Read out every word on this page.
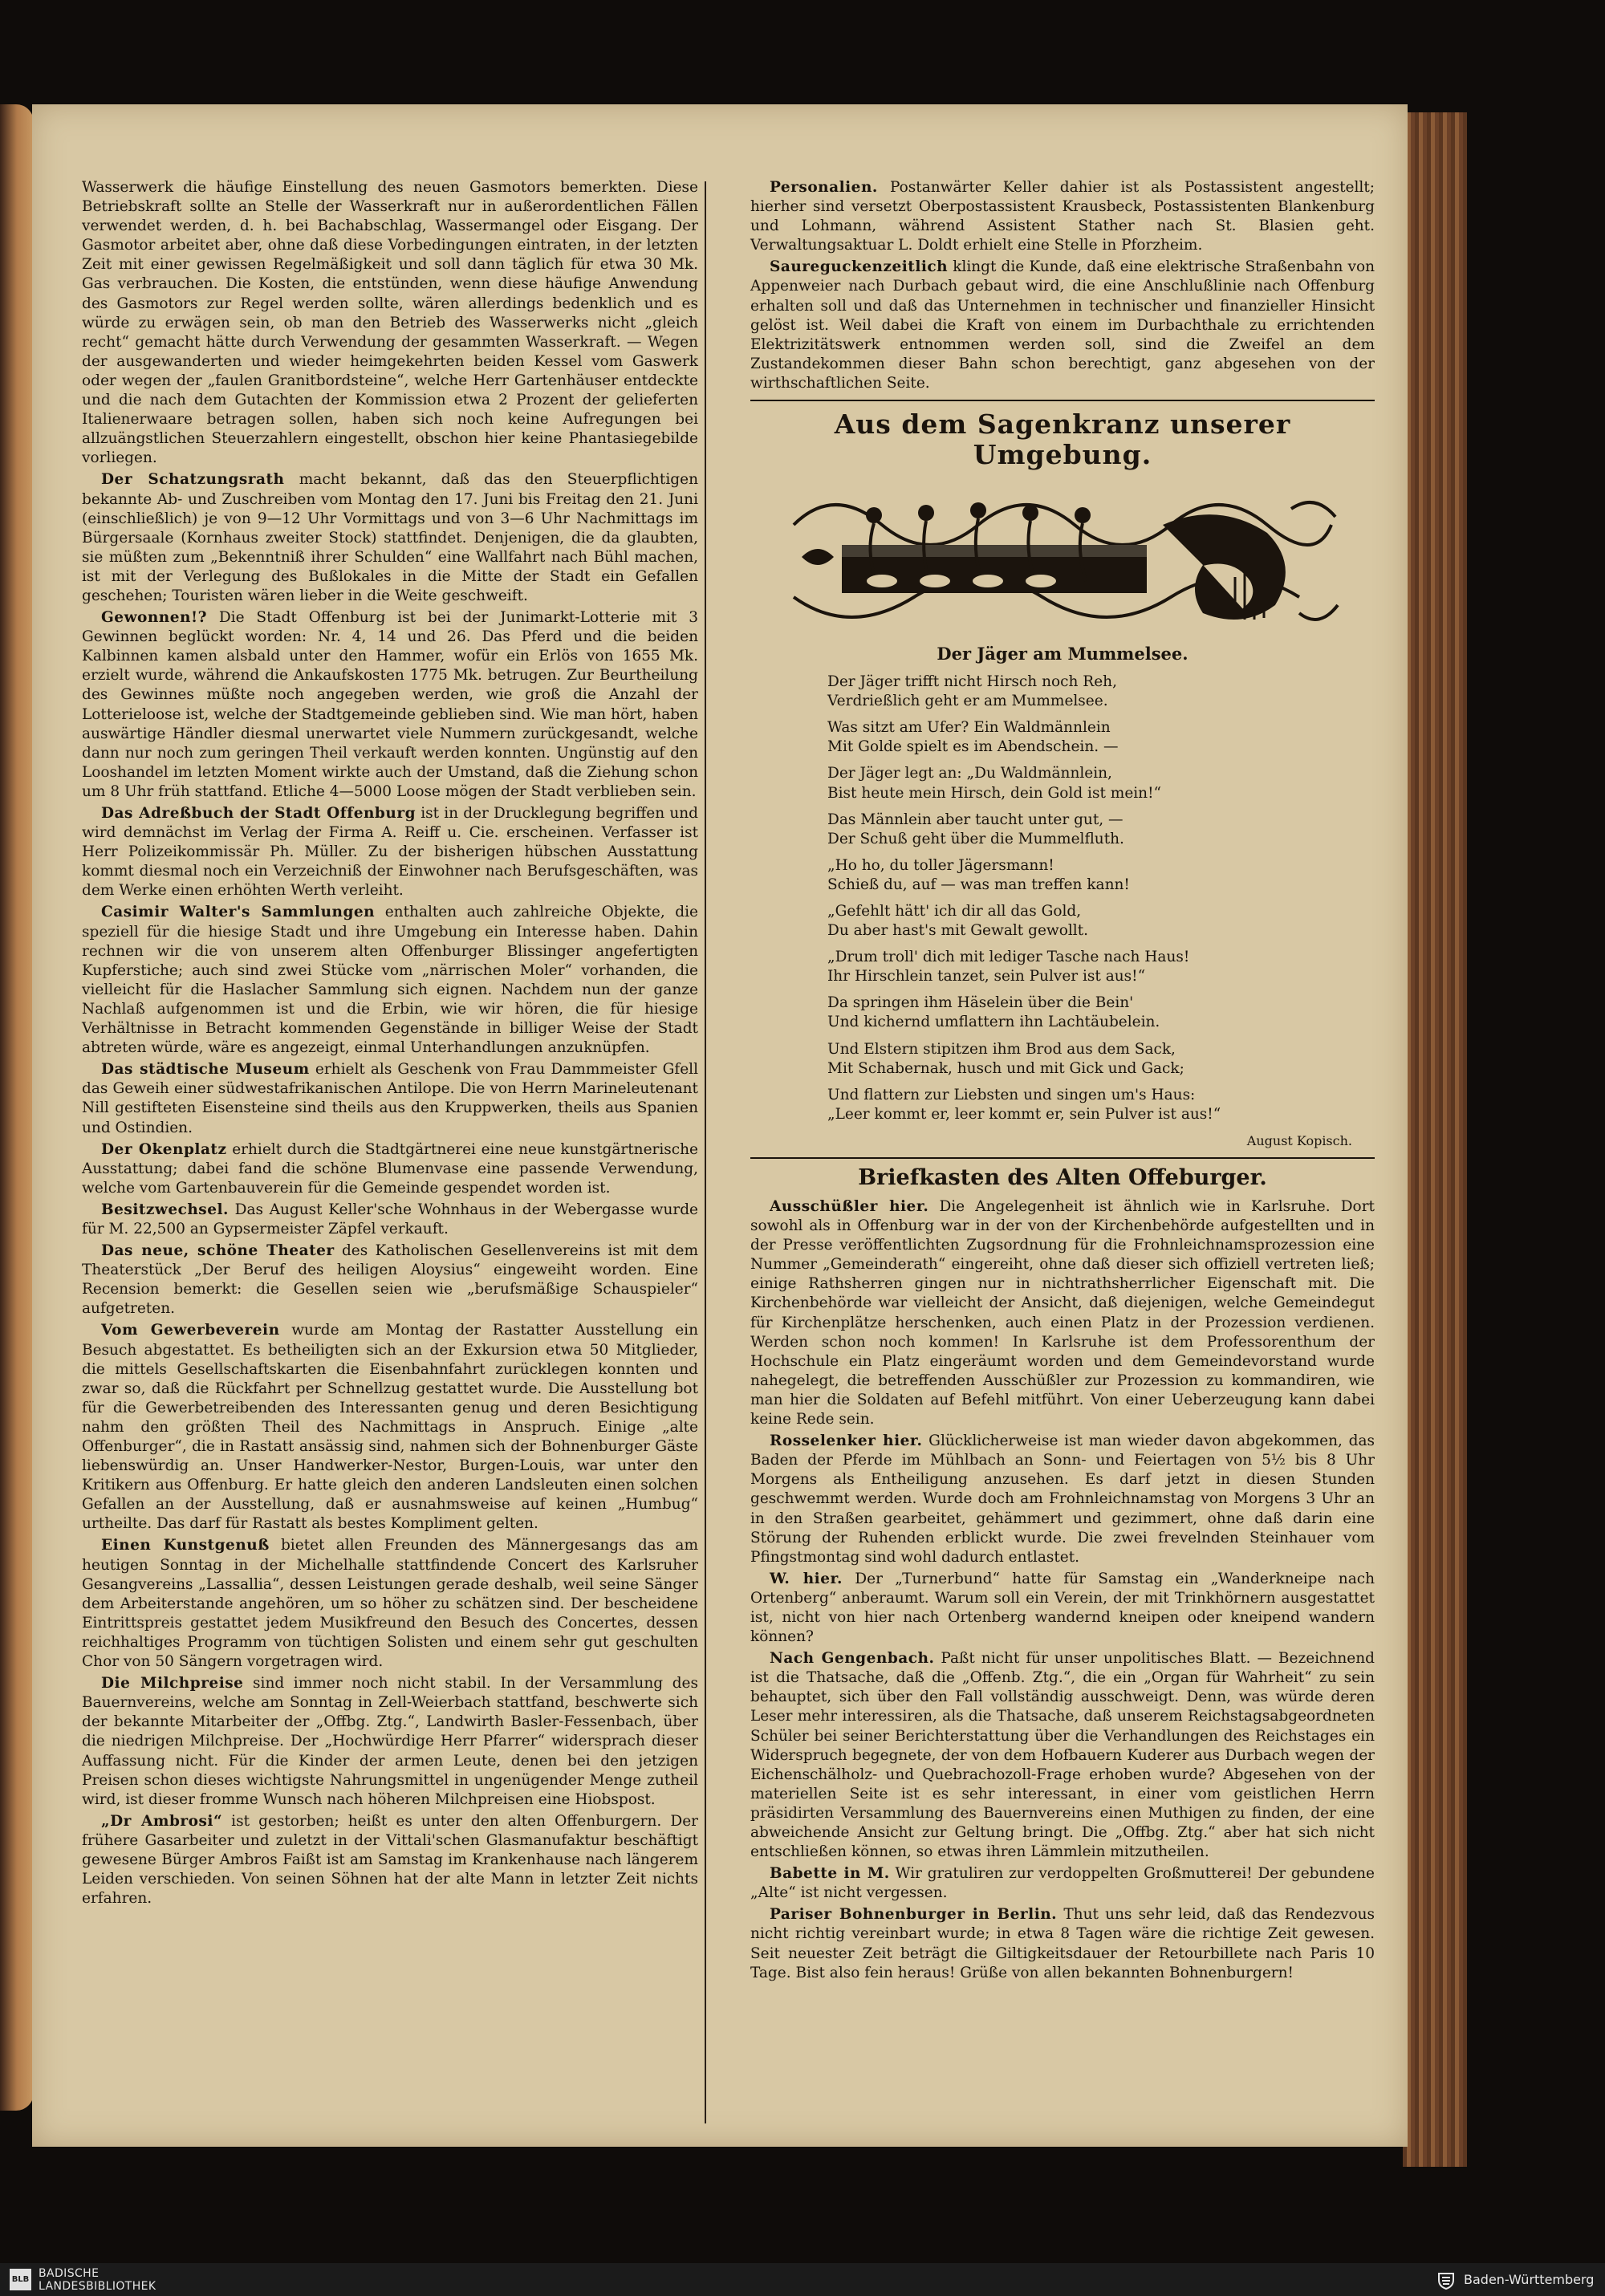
Wasserwerk die häufige Einstellung des neuen Gasmotors bemerkten. Diese Betriebskraft sollte an Stelle der Wasserkraft nur in außerordentlichen Fällen verwendet werden, d. h. bei Bachabschlag, Wassermangel oder Eisgang. Der Gasmotor arbeitet aber, ohne daß diese Vorbedingungen eintraten, in der letzten Zeit mit einer gewissen Regelmäßigkeit und soll dann täglich für etwa 30 Mk. Gas verbrauchen. Die Kosten, die entstünden, wenn diese häufige Anwendung des Gasmotors zur Regel werden sollte, wären allerdings bedenklich und es würde zu erwägen sein, ob man den Betrieb des Wasserwerks nicht „gleich recht“ gemacht hätte durch Verwendung der gesammten Wasserkraft. — Wegen der ausgewanderten und wieder heimgekehrten beiden Kessel vom Gaswerk oder wegen der „faulen Granitbordsteine“, welche Herr Gartenhäuser entdeckte und die nach dem Gutachten der Kommission etwa 2 Prozent der gelieferten Italienerwaare betragen sollen, haben sich noch keine Aufregungen bei allzuängstlichen Steuerzahlern eingestellt, obschon hier keine Phantasiegebilde vorliegen.

Der Schatzungsrath macht bekannt, daß das den Steuerpflichtigen bekannte Ab- und Zuschreiben vom Montag den 17. Juni bis Freitag den 21. Juni (einschließlich) je von 9—12 Uhr Vormittags und von 3—6 Uhr Nachmittags im Bürgersaale (Kornhaus zweiter Stock) stattfindet. Denjenigen, die da glaubten, sie müßten zum „Bekenntniß ihrer Schulden“ eine Wallfahrt nach Bühl machen, ist mit der Verlegung des Bußlokales in die Mitte der Stadt ein Gefallen geschehen; Touristen wären lieber in die Weite geschweift.

Gewonnen!? Die Stadt Offenburg ist bei der Junimarkt-Lotterie mit 3 Gewinnen beglückt worden: Nr. 4, 14 und 26. Das Pferd und die beiden Kalbinnen kamen alsbald unter den Hammer, wofür ein Erlös von 1655 Mk. erzielt wurde, während die Ankaufskosten 1775 Mk. betrugen. Zur Beurtheilung des Gewinnes müßte noch angegeben werden, wie groß die Anzahl der Lotterieloose ist, welche der Stadtgemeinde geblieben sind. Wie man hört, haben auswärtige Händler diesmal unerwartet viele Nummern zurückgesandt, welche dann nur noch zum geringen Theil verkauft werden konnten. Ungünstig auf den Looshandel im letzten Moment wirkte auch der Umstand, daß die Ziehung schon um 8 Uhr früh stattfand. Etliche 4—5000 Loose mögen der Stadt verblieben sein.

Das Adreßbuch der Stadt Offenburg ist in der Drucklegung begriffen und wird demnächst im Verlag der Firma A. Reiff u. Cie. erscheinen. Verfasser ist Herr Polizeikommissär Ph. Müller. Zu der bisherigen hübschen Ausstattung kommt diesmal noch ein Verzeichniß der Einwohner nach Berufsgeschäften, was dem Werke einen erhöhten Werth verleiht.

Casimir Walter's Sammlungen enthalten auch zahlreiche Objekte, die speziell für die hiesige Stadt und ihre Umgebung ein Interesse haben. Dahin rechnen wir die von unserem alten Offenburger Blissinger angefertigten Kupferstiche; auch sind zwei Stücke vom „närrischen Moler“ vorhanden, die vielleicht für die Haslacher Sammlung sich eignen. Nachdem nun der ganze Nachlaß aufgenommen ist und die Erbin, wie wir hören, die für hiesige Verhältnisse in Betracht kommenden Gegenstände in billiger Weise der Stadt abtreten würde, wäre es angezeigt, einmal Unterhandlungen anzuknüpfen.

Das städtische Museum erhielt als Geschenk von Frau Dammmeister Gfell das Geweih einer südwestafrikanischen Antilope. Die von Herrn Marineleutenant Nill gestifteten Eisensteine sind theils aus den Kruppwerken, theils aus Spanien und Ostindien.

Der Okenplatz erhielt durch die Stadtgärtnerei eine neue kunstgärtnerische Ausstattung; dabei fand die schöne Blumenvase eine passende Verwendung, welche vom Gartenbauverein für die Gemeinde gespendet worden ist.

Besitzwechsel. Das August Keller'sche Wohnhaus in der Webergasse wurde für M. 22,500 an Gypsermeister Zäpfel verkauft.

Das neue, schöne Theater des Katholischen Gesellenvereins ist mit dem Theaterstück „Der Beruf des heiligen Aloysius“ eingeweiht worden. Eine Recension bemerkt: die Gesellen seien wie „berufsmäßige Schauspieler“ aufgetreten.

Vom Gewerbeverein wurde am Montag der Rastatter Ausstellung ein Besuch abgestattet. Es betheiligten sich an der Exkursion etwa 50 Mitglieder, die mittels Gesellschaftskarten die Eisenbahnfahrt zurücklegen konnten und zwar so, daß die Rückfahrt per Schnellzug gestattet wurde. Die Ausstellung bot für die Gewerbetreibenden des Interessanten genug und deren Besichtigung nahm den größten Theil des Nachmittags in Anspruch. Einige „alte Offenburger“, die in Rastatt ansässig sind, nahmen sich der Bohnenburger Gäste liebenswürdig an. Unser Handwerker-Nestor, Burgen-Louis, war unter den Kritikern aus Offenburg. Er hatte gleich den anderen Landsleuten einen solchen Gefallen an der Ausstellung, daß er ausnahmsweise auf keinen „Humbug“ urtheilte. Das darf für Rastatt als bestes Kompliment gelten.

Einen Kunstgenuß bietet allen Freunden des Männergesangs das am heutigen Sonntag in der Michelhalle stattfindende Concert des Karlsruher Gesangvereins „Lassallia“, dessen Leistungen gerade deshalb, weil seine Sänger dem Arbeiterstande angehören, um so höher zu schätzen sind. Der bescheidene Eintrittspreis gestattet jedem Musikfreund den Besuch des Concertes, dessen reichhaltiges Programm von tüchtigen Solisten und einem sehr gut geschulten Chor von 50 Sängern vorgetragen wird.

Die Milchpreise sind immer noch nicht stabil. In der Versammlung des Bauernvereins, welche am Sonntag in Zell-Weierbach stattfand, beschwerte sich der bekannte Mitarbeiter der „Offbg. Ztg.“, Landwirth Basler-Fessenbach, über die niedrigen Milchpreise. Der „Hochwürdige Herr Pfarrer“ widersprach dieser Auffassung nicht. Für die Kinder der armen Leute, denen bei den jetzigen Preisen schon dieses wichtigste Nahrungsmittel in ungenügender Menge zutheil wird, ist dieser fromme Wunsch nach höheren Milchpreisen eine Hiobspost.

„Dr Ambrosi“ ist gestorben; heißt es unter den alten Offenburgern. Der frühere Gasarbeiter und zuletzt in der Vittali'schen Glasmanufaktur beschäftigt gewesene Bürger Ambros Faißt ist am Samstag im Krankenhause nach längerem Leiden verschieden. Von seinen Söhnen hat der alte Mann in letzter Zeit nichts erfahren.

Personalien. Postanwärter Keller dahier ist als Postassistent angestellt; hierher sind versetzt Oberpostassistent Krausbeck, Postassistenten Blankenburg und Lohmann, während Assistent Stather nach St. Blasien geht. Verwaltungsaktuar L. Doldt erhielt eine Stelle in Pforzheim.

Saureguckenzeitlich klingt die Kunde, daß eine elektrische Straßenbahn von Appenweier nach Durbach gebaut wird, die eine Anschlußlinie nach Offenburg erhalten soll und daß das Unternehmen in technischer und finanzieller Hinsicht gelöst ist. Weil dabei die Kraft von einem im Durbachthale zu errichtenden Elektrizitätswerk entnommen werden soll, sind die Zweifel an dem Zustandekommen dieser Bahn schon berechtigt, ganz abgesehen von der wirthschaftlichen Seite.

Aus dem Sagenkranz unserer Umgebung.
Der Jäger am Mummelsee.
Der Jäger trifft nicht Hirsch noch Reh,
Verdrießlich geht er am Mummelsee.
Was sitzt am Ufer? Ein Waldmännlein
Mit Golde spielt es im Abendschein. —
Der Jäger legt an: „Du Waldmännlein,
Bist heute mein Hirsch, dein Gold ist mein!“
Das Männlein aber taucht unter gut, —
Der Schuß geht über die Mummelfluth.
„Ho ho, du toller Jägersmann!
Schieß du, auf — was man treffen kann!
„Gefehlt hätt' ich dir all das Gold,
Du aber hast's mit Gewalt gewollt.
„Drum troll' dich mit lediger Tasche nach Haus!
Ihr Hirschlein tanzet, sein Pulver ist aus!“
Da springen ihm Häselein über die Bein'
Und kichernd umflattern ihn Lachtäubelein.
Und Elstern stipitzen ihm Brod aus dem Sack,
Mit Schabernak, husch und mit Gick und Gack;
Und flattern zur Liebsten und singen um's Haus:
„Leer kommt er, leer kommt er, sein Pulver ist aus!“
August Kopisch.
Briefkasten des Alten Offeburger.

Ausschüßler hier. Die Angelegenheit ist ähnlich wie in Karlsruhe. Dort sowohl als in Offenburg war in der von der Kirchenbehörde aufgestellten und in der Presse veröffentlichten Zugsordnung für die Frohnleichnamsprozession eine Nummer „Gemeinderath“ eingereiht, ohne daß dieser sich offiziell vertreten ließ; einige Rathsherren gingen nur in nichtrathsherrlicher Eigenschaft mit. Die Kirchenbehörde war vielleicht der Ansicht, daß diejenigen, welche Gemeindegut für Kirchenplätze herschenken, auch einen Platz in der Prozession verdienen. Werden schon noch kommen! In Karlsruhe ist dem Professorenthum der Hochschule ein Platz eingeräumt worden und dem Gemeindevorstand wurde nahegelegt, die betreffenden Ausschüßler zur Prozession zu kommandiren, wie man hier die Soldaten auf Befehl mitführt. Von einer Ueberzeugung kann dabei keine Rede sein.

Rosselenker hier. Glücklicherweise ist man wieder davon abgekommen, das Baden der Pferde im Mühlbach an Sonn- und Feiertagen von 5½ bis 8 Uhr Morgens als Entheiligung anzusehen. Es darf jetzt in diesen Stunden geschwemmt werden. Wurde doch am Frohnleichnamstag von Morgens 3 Uhr an in den Straßen gearbeitet, gehämmert und gezimmert, ohne daß darin eine Störung der Ruhenden erblickt wurde. Die zwei frevelnden Steinhauer vom Pfingstmontag sind wohl dadurch entlastet.

W. hier. Der „Turnerbund“ hatte für Samstag ein „Wanderkneipe nach Ortenberg“ anberaumt. Warum soll ein Verein, der mit Trinkhörnern ausgestattet ist, nicht von hier nach Ortenberg wandernd kneipen oder kneipend wandern können?

Nach Gengenbach. Paßt nicht für unser unpolitisches Blatt. — Bezeichnend ist die Thatsache, daß die „Offenb. Ztg.“, die ein „Organ für Wahrheit“ zu sein behauptet, sich über den Fall vollständig ausschweigt. Denn, was würde deren Leser mehr interessiren, als die Thatsache, daß unserem Reichstagsabgeordneten Schüler bei seiner Berichterstattung über die Verhandlungen des Reichstages ein Widerspruch begegnete, der von dem Hofbauern Kuderer aus Durbach wegen der Eichenschälholz- und Quebrachozoll-Frage erhoben wurde? Abgesehen von der materiellen Seite ist es sehr interessant, in einer vom geistlichen Herrn präsidirten Versammlung des Bauernvereins einen Muthigen zu finden, der eine abweichende Ansicht zur Geltung bringt. Die „Offbg. Ztg.“ aber hat sich nicht entschließen können, so etwas ihren Lämmlein mitzutheilen.

Babette in M. Wir gratuliren zur verdoppelten Großmutterei! Der gebundene „Alte“ ist nicht vergessen.

Pariser Bohnenburger in Berlin. Thut uns sehr leid, daß das Rendezvous nicht richtig vereinbart wurde; in etwa 8 Tagen wäre die richtige Zeit gewesen. Seit neuester Zeit beträgt die Giltigkeitsdauer der Retourbillete nach Paris 10 Tage. Bist also fein heraus! Grüße von allen bekannten Bohnenburgern!

BLB BADISCHE
LANDESBIBLIOTHEK	Baden-Württemberg
